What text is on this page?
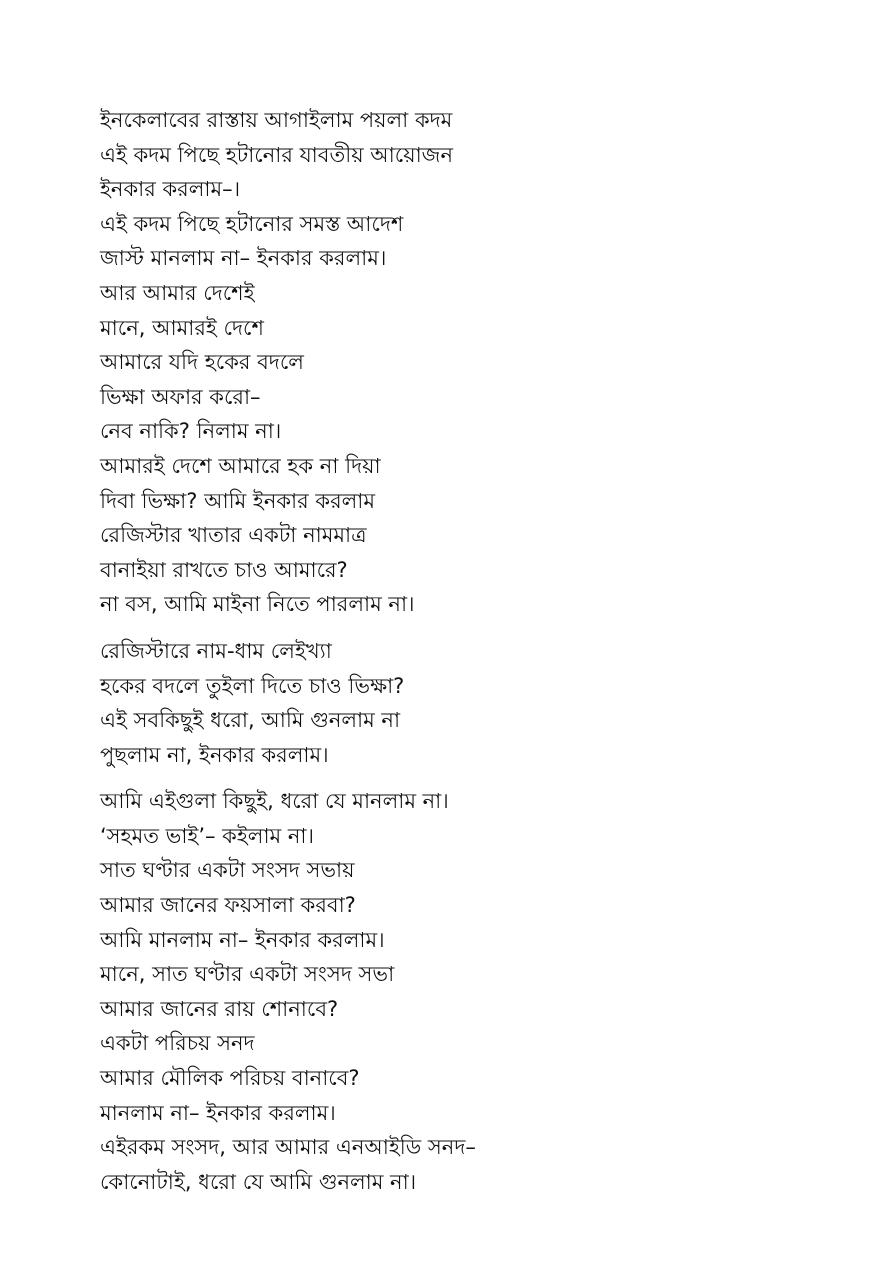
ইনকেলাবের রাস্তায় আগাইলাম পয়লা কদম
এই কদম পিছে হটানোর যাবতীয় আয়োজন
ইনকার করলাম–।
এই কদম পিছে হটানোর সমস্ত আদেশ
জাস্ট মানলাম না– ইনকার করলাম।
আর আমার দেশেই
মানে, আমারই দেশে
আমারে যদি হকের বদলে
ভিক্ষা অফার করো–
নেব নাকি? নিলাম না।
আমারই দেশে আমারে হক না দিয়া
দিবা ভিক্ষা? আমি ইনকার করলাম
রেজিস্টার খাতার একটা নামমাত্র
বানাইয়া রাখতে চাও আমারে?
না বস, আমি মাইনা নিতে পারলাম না।
রেজিস্টারে নাম-ধাম লেইখ্যা
হকের বদলে তুইলা দিতে চাও ভিক্ষা?
এই সবকিছুই ধরো, আমি গুনলাম না
পুছলাম না, ইনকার করলাম।
আমি এইগুলা কিছুই, ধরো যে মানলাম না।
‘সহমত ভাই’– কইলাম না।
সাত ঘণ্টার একটা সংসদ সভায়
আমার জানের ফয়সালা করবা?
আমি মানলাম না– ইনকার করলাম।
মানে, সাত ঘণ্টার একটা সংসদ সভা
আমার জানের রায় শোনাবে?
একটা পরিচয় সনদ
আমার মৌলিক পরিচয় বানাবে?
মানলাম না– ইনকার করলাম।
এইরকম সংসদ, আর আমার এনআইডি সনদ–
কোনোটাই, ধরো যে আমি গুনলাম না।
